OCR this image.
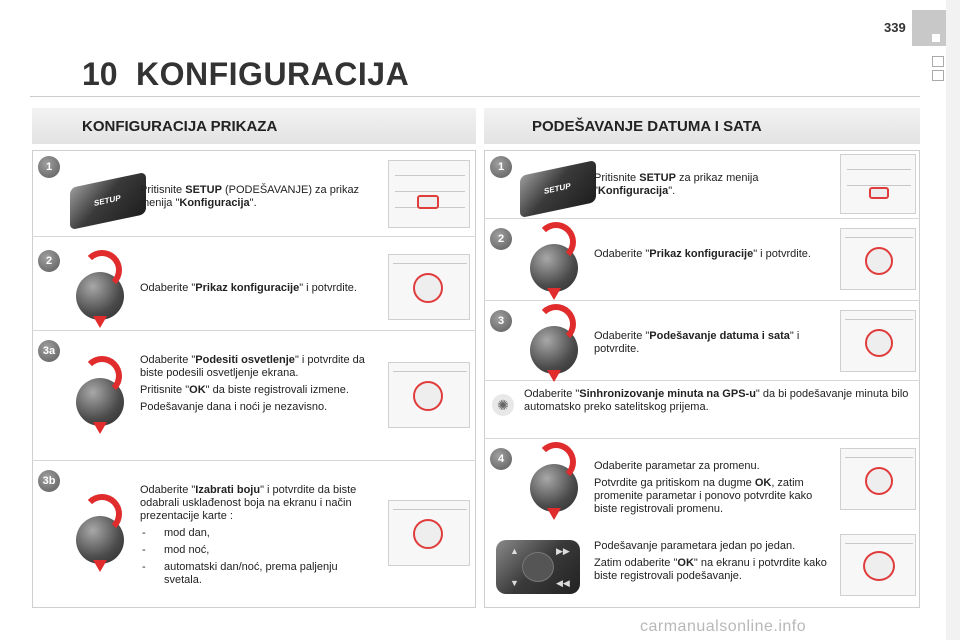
339
10 KONFIGURACIJA
KONFIGURACIJA PRIKAZA	PODEŠAVANJE DATUMA I SATA
1
SETUP

Pritisnite SETUP (PODEŠAVANJE) za prikaz menija "Konfiguracija".

2

Odaberite "Prikaz konfiguracije" i potvrdite.

3a

Odaberite "Podesiti osvetlenje" i potvrdite da biste podesili osvetljenje ekrana.

Pritisnite "OK" da biste registrovali izmene.

Podešavanje dana i noći je nezavisno.

3b

Odaberite "Izabrati boju" i potvrdite da biste odabrali usklađenost boja na ekranu i način prezentacije karte :

- mod dan,
- mod noć,
- automatski dan/noć, prema paljenju svetala.
1
SETUP

Pritisnite SETUP za prikaz menija "Konfiguracija".

2

Odaberite "Prikaz konfiguracije" i potvrdite.

3

Odaberite "Podešavanje datuma i sata" i potvrdite.

✺

Odaberite "Sinhronizovanje minuta na GPS-u" da bi podešavanje minuta bilo automatsko preko satelitskog prijema.

4

Odaberite parametar za promenu.

Potvrdite ga pritiskom na dugme OK, zatim promenite parametar i ponovo potvrdite kako biste registrovali promenu.

▲	▶▶
▼	◀◀

Podešavanje parametara jedan po jedan.

Zatim odaberite "OK" na ekranu i potvrdite kako biste registrovali podešavanje.

carmanualsonline.info
